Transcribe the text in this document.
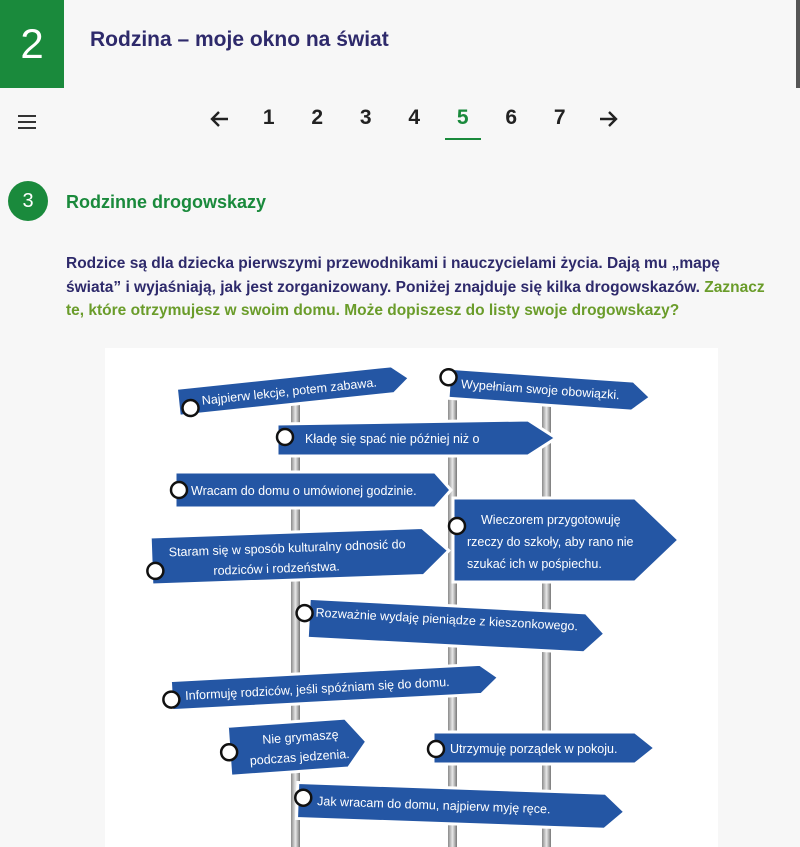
2	Rodzina – moje okno na świat
1	2	3	4	5	6	7
3	Rodzinne drogowskazy
Rodzice są dla dziecka pierwszymi przewodnikami i nauczycielami życia. Dają mu „mapę świata” i wyjaśniają, jak jest zorganizowany. Poniżej znajduje się kilka drogowskazów. Zaznacz te, które otrzymujesz w swoim domu. Może dopiszesz do listy swoje drogowskazy?
Najpierw lekcje, potem zabawa.	Wypełniam swoje obowiązki.
Kładę się spać nie później niż o 21.30.
Wracam do domu o umówionej godzinie.
Wieczorem przygotowuję rzeczy do szkoły, aby rano nie szukać ich w pośpiechu.
Staram się w sposób kulturalny odnosić dorodziców i rodzeństwa.
Rozważnie wydaję pieniądze z kieszonkowego.
Informuję rodziców, jeśli spóźniam się do domu.
Nie grymaszępodczas jedzenia.	Utrzymuję porządek w pokoju.
Jak wracam do domu, najpierw myję ręce.
